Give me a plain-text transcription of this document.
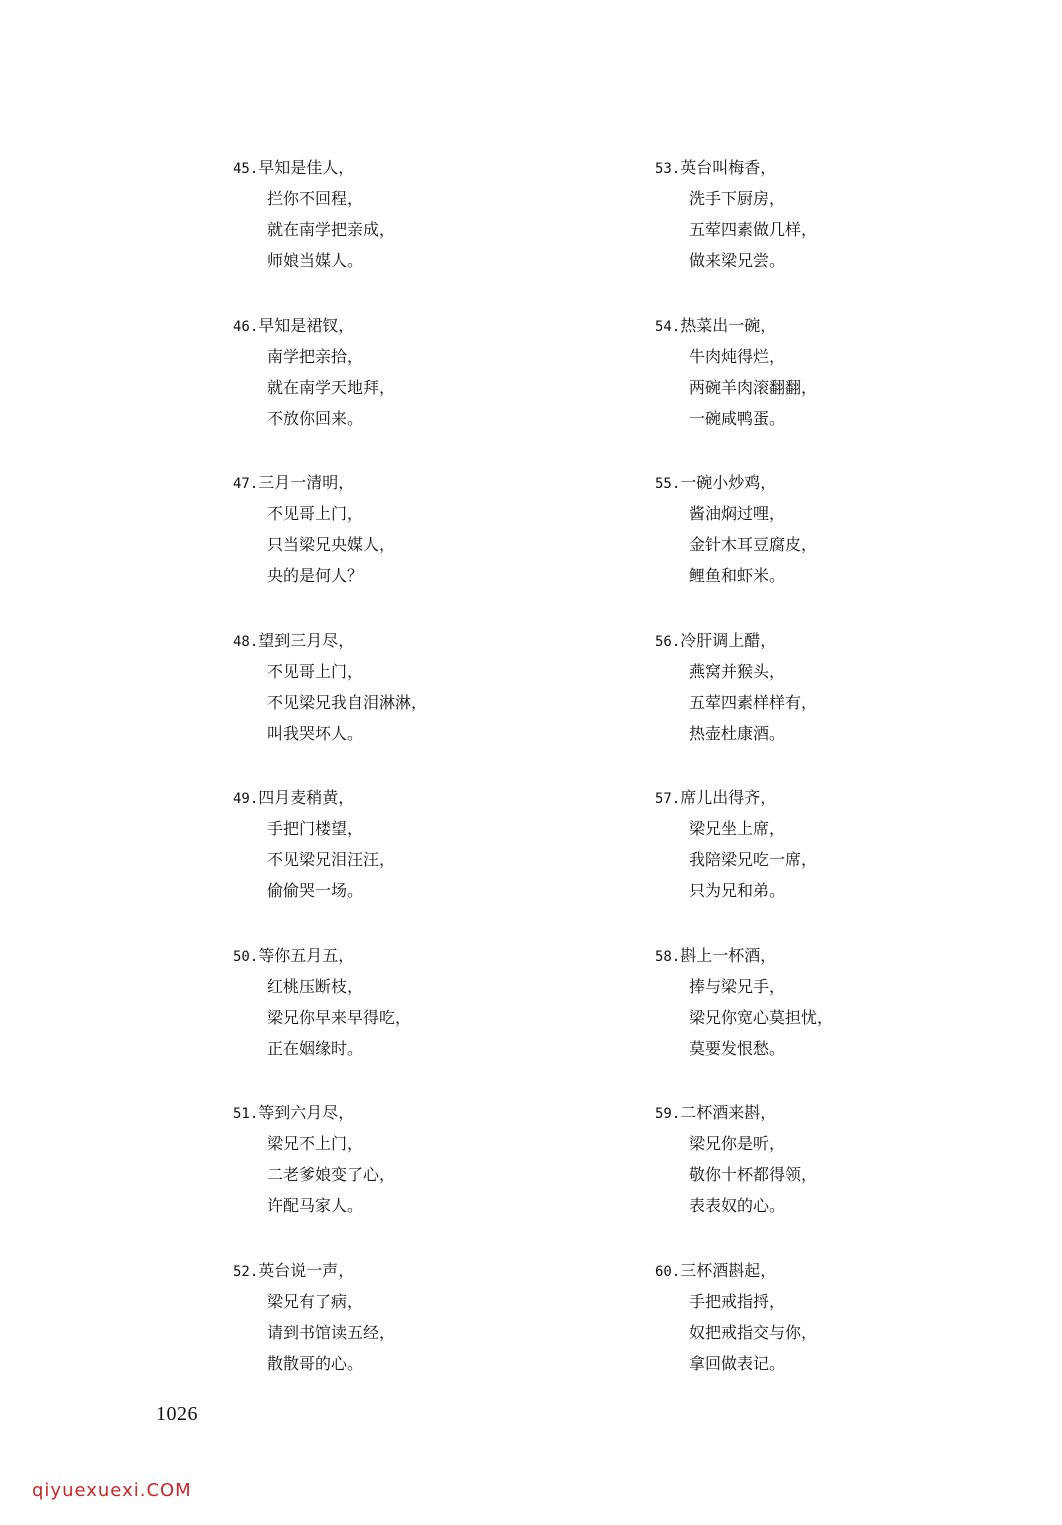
45.早知是佳人，
拦你不回程，
就在南学把亲成，
师娘当媒人。
46.早知是裙钗，
南学把亲拾，
就在南学天地拜，
不放你回来。
47.三月一清明，
不见哥上门，
只当梁兄央媒人，
央的是何人？
48.望到三月尽，
不见哥上门，
不见梁兄我自泪淋淋，
叫我哭坏人。
49.四月麦稍黄，
手把门楼望，
不见梁兄泪汪汪，
偷偷哭一场。
50.等你五月五，
红桃压断枝，
梁兄你早来早得吃，
正在姻缘时。
51.等到六月尽，
梁兄不上门，
二老爹娘变了心，
许配马家人。
52.英台说一声，
梁兄有了病，
请到书馆读五经，
散散哥的心。
53.英台叫梅香，
洗手下厨房，
五荤四素做几样，
做来梁兄尝。
54.热菜出一碗，
牛肉炖得烂，
两碗羊肉滚翻翻，
一碗咸鸭蛋。
55.一碗小炒鸡，
酱油焖过哩，
金针木耳豆腐皮，
鲤鱼和虾米。
56.冷肝调上醋，
燕窝并猴头，
五荤四素样样有，
热壶杜康酒。
57.席儿出得齐，
梁兄坐上席，
我陪梁兄吃一席，
只为兄和弟。
58.斟上一杯酒，
捧与梁兄手，
梁兄你宽心莫担忧，
莫要发恨愁。
59.二杯酒来斟，
梁兄你是听，
敬你十杯都得领，
表表奴的心。
60.三杯酒斟起，
手把戒指捋，
奴把戒指交与你，
拿回做表记。
1026
qiyuexuexi.COM
